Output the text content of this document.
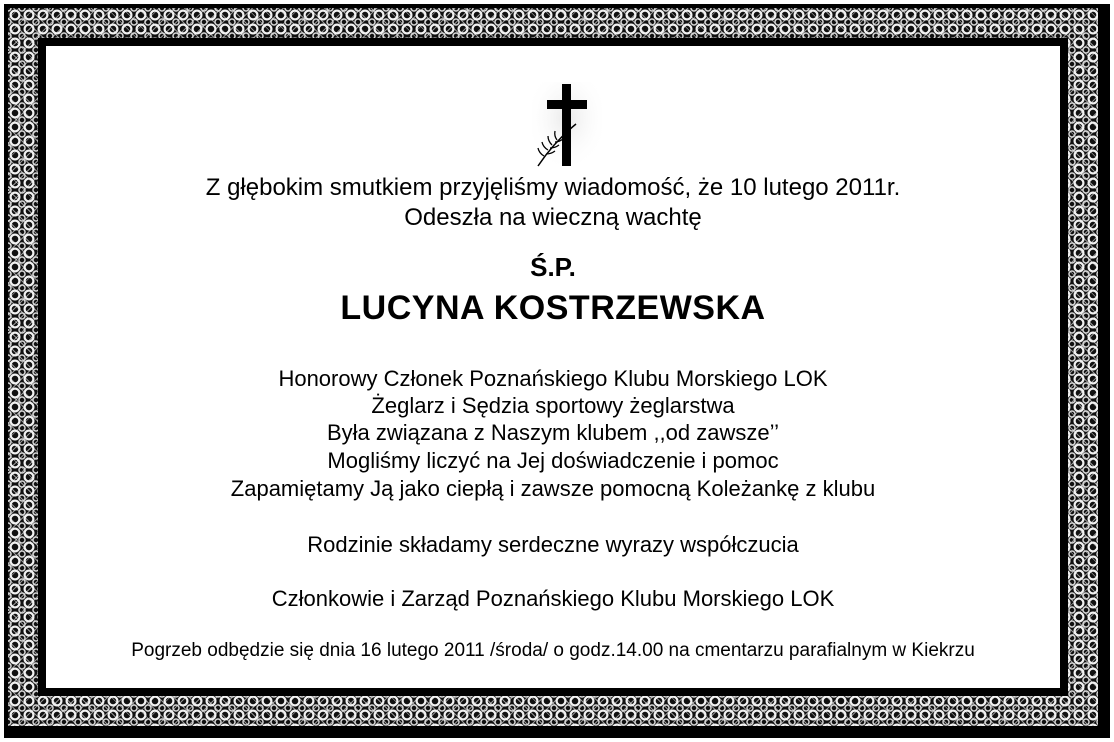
Z głębokim smutkiem przyjęliśmy wiadomość, że 10 lutego 2011r.
Odeszła na wieczną wachtę
Ś.P.
LUCYNA KOSTRZEWSKA
Honorowy Członek Poznańskiego Klubu Morskiego LOK
Żeglarz i Sędzia sportowy żeglarstwa
Była związana z Naszym klubem ,,od zawsze’’
Mogliśmy liczyć na Jej doświadczenie i pomoc
Zapamiętamy Ją jako ciepłą i zawsze pomocną Koleżankę z klubu
Rodzinie składamy serdeczne wyrazy współczucia
Członkowie i Zarząd Poznańskiego Klubu Morskiego LOK
Pogrzeb odbędzie się dnia 16 lutego 2011 /środa/ o godz.14.00 na cmentarzu parafialnym w Kiekrzu
